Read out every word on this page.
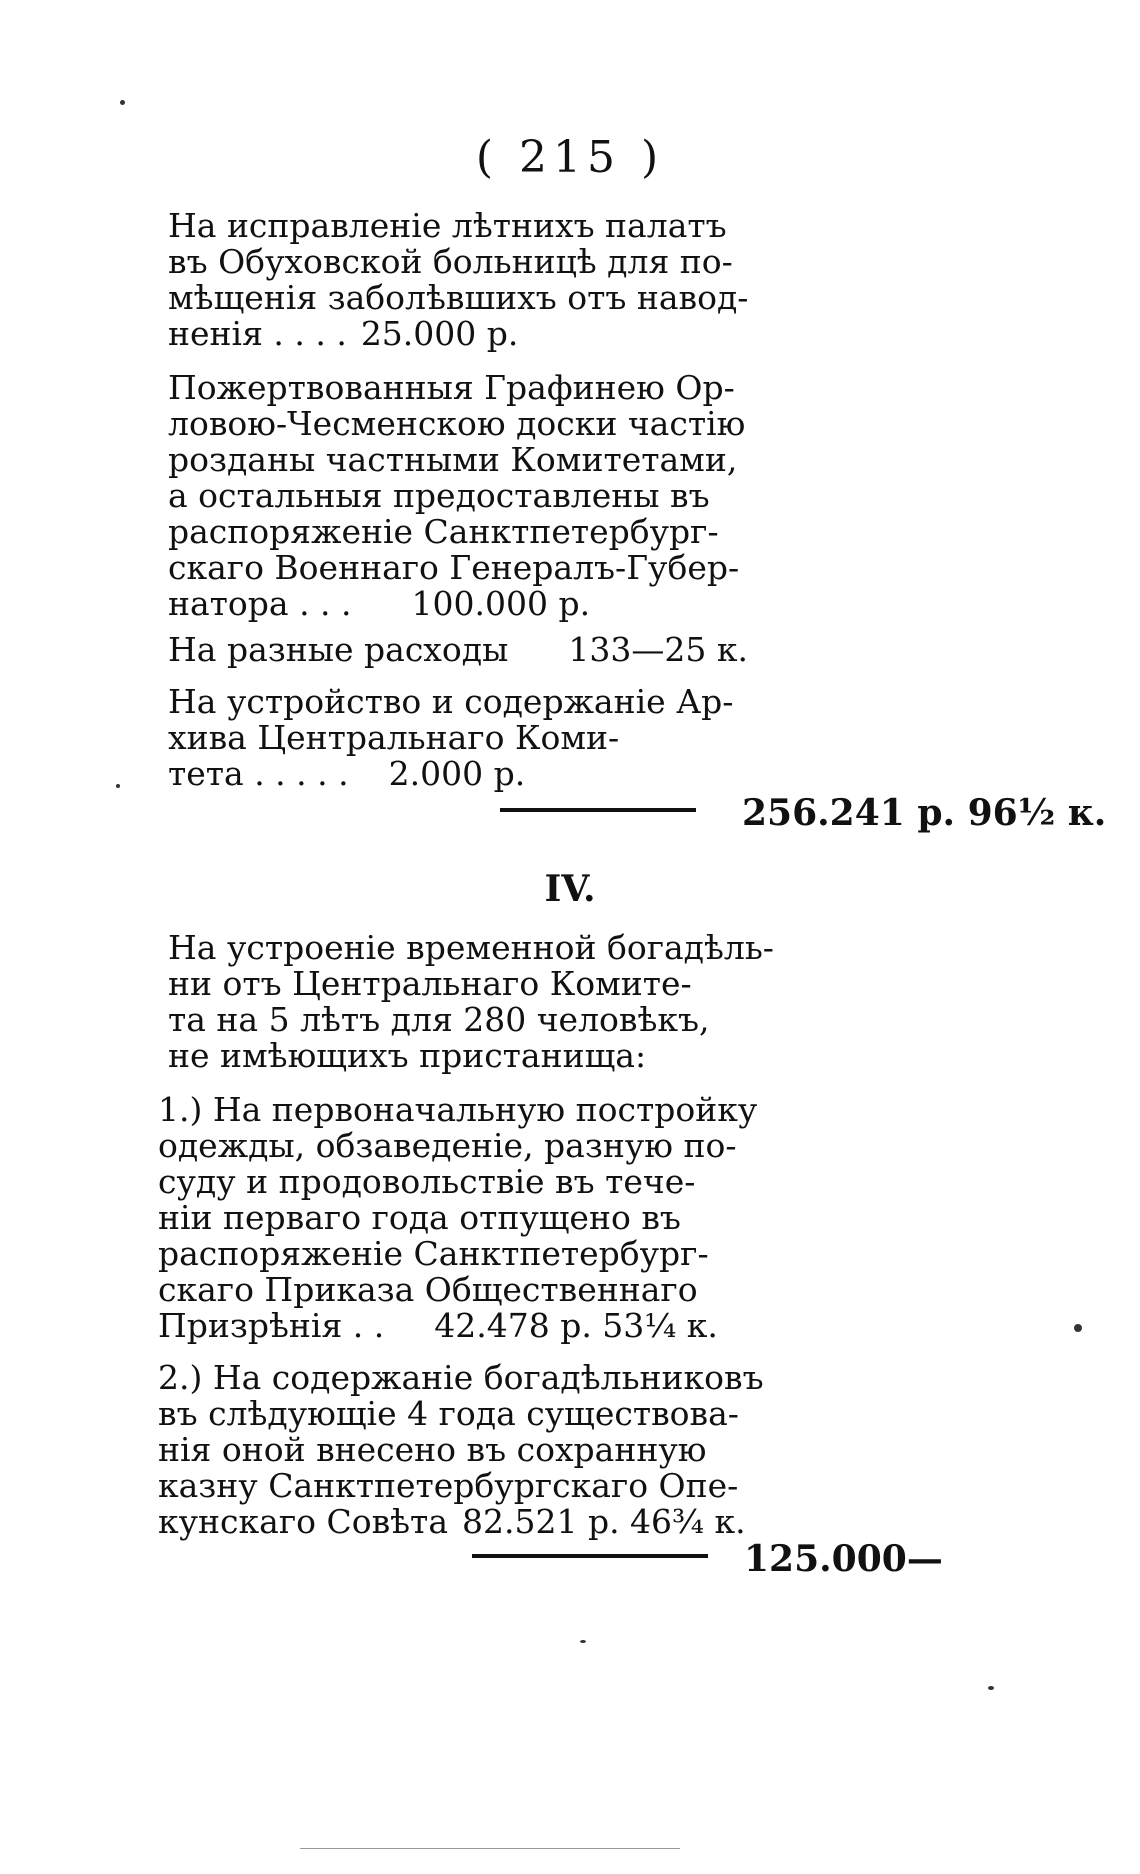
( 215 )

На исправленіе лѣтнихъ палатъ
въ Обуховской больницѣ для по-
мѣщенія заболѣвшихъ отъ навод-
ненія . . . . 25.000 р.

Пожертвованныя Графинею Ор-
ловою-Чесменскою доски частію
розданы частными Комитетами,
а остальныя предоставлены въ
распоряженіе Санктпетербург-
скаго Военнаго Генералъ-Губер-
натора . . . 100.000 р.

На разные расходы 133—25 к.

На устройство и содержаніе Ар-
хива Центральнаго Коми-
тета . . . . . 2.000 р.

256.241 р. 96½ к.
IV.

На устроеніе временной богадѣль-
ни отъ Центральнаго Комите-
та на 5 лѣтъ для 280 человѣкъ,
не имѣющихъ пристанища:

1.) На первоначальную постройку
одежды, обзаведеніе, разную по-
суду и продовольствіе въ тече-
ніи перваго года отпущено въ
распоряженіе Санктпетербург-
скаго Приказа Общественнаго
Призрѣнія . . 42.478 р. 53¼ к.

2.) На содержаніе богадѣльниковъ
въ слѣдующіе 4 года существова-
нія оной внесено въ сохранную
казну Санктпетербургскаго Опе-
кунскаго Совѣта 82.521 р. 46¾ к.

125.000—
